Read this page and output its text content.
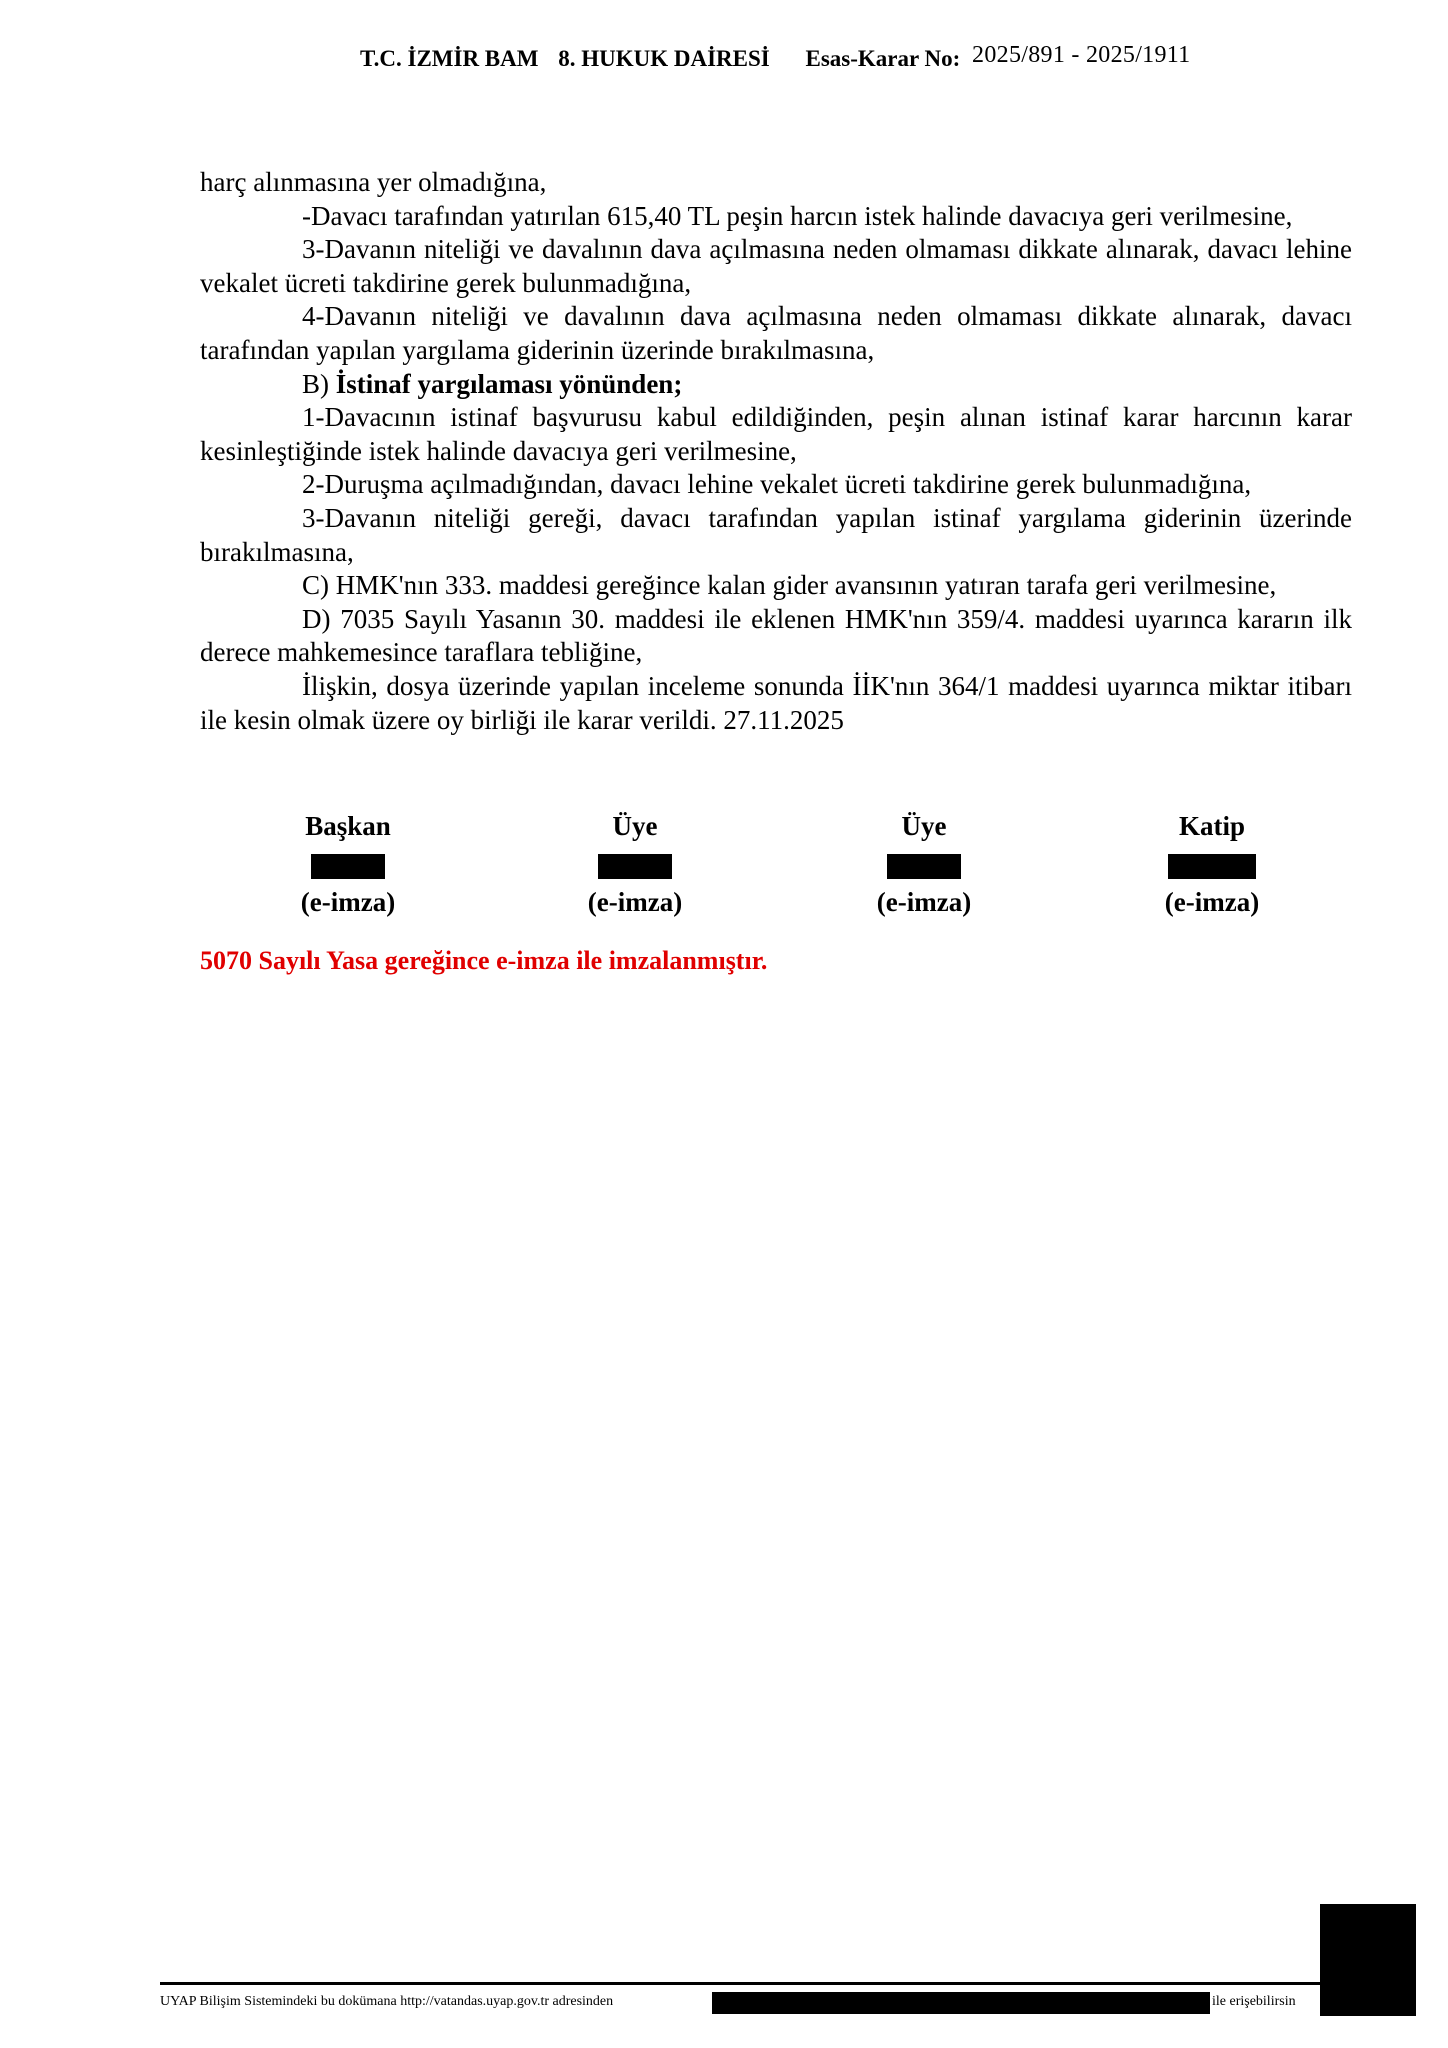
T.C. İZMİR BAM 8. HUKUK DAİRESİ Esas-Karar No: 2025/891 - 2025/1911

harç alınmasına yer olmadığına,

-Davacı tarafından yatırılan 615,40 TL peşin harcın istek halinde davacıya geri verilmesine,

3-Davanın niteliği ve davalının dava açılmasına neden olmaması dikkate alınarak, davacı lehine vekalet ücreti takdirine gerek bulunmadığına,

4-Davanın niteliği ve davalının dava açılmasına neden olmaması dikkate alınarak, davacı tarafından yapılan yargılama giderinin üzerinde bırakılmasına,

B) İstinaf yargılaması yönünden;

1-Davacının istinaf başvurusu kabul edildiğinden, peşin alınan istinaf karar harcının karar kesinleştiğinde istek halinde davacıya geri verilmesine,

2-Duruşma açılmadığından, davacı lehine vekalet ücreti takdirine gerek bulunmadığına,

3-Davanın niteliği gereği, davacı tarafından yapılan istinaf yargılama giderinin üzerinde bırakılmasına,

C) HMK'nın 333. maddesi gereğince kalan gider avansının yatıran tarafa geri verilmesine,

D) 7035 Sayılı Yasanın 30. maddesi ile eklenen HMK'nın 359/4. maddesi uyarınca kararın ilk derece mahkemesince taraflara tebliğine,

İlişkin, dosya üzerinde yapılan inceleme sonunda İİK'nın 364/1 maddesi uyarınca miktar itibarı ile kesin olmak üzere oy birliği ile karar verildi. 27.11.2025

Başkan
(e-imza)
Üye
(e-imza)
Üye
(e-imza)
Katip
(e-imza)
5070 Sayılı Yasa gereğince e-imza ile imzalanmıştır.
UYAP Bilişim Sistemindeki bu dokümana http://vatandas.uyap.gov.tr adresinden	ile erişebilirsin
